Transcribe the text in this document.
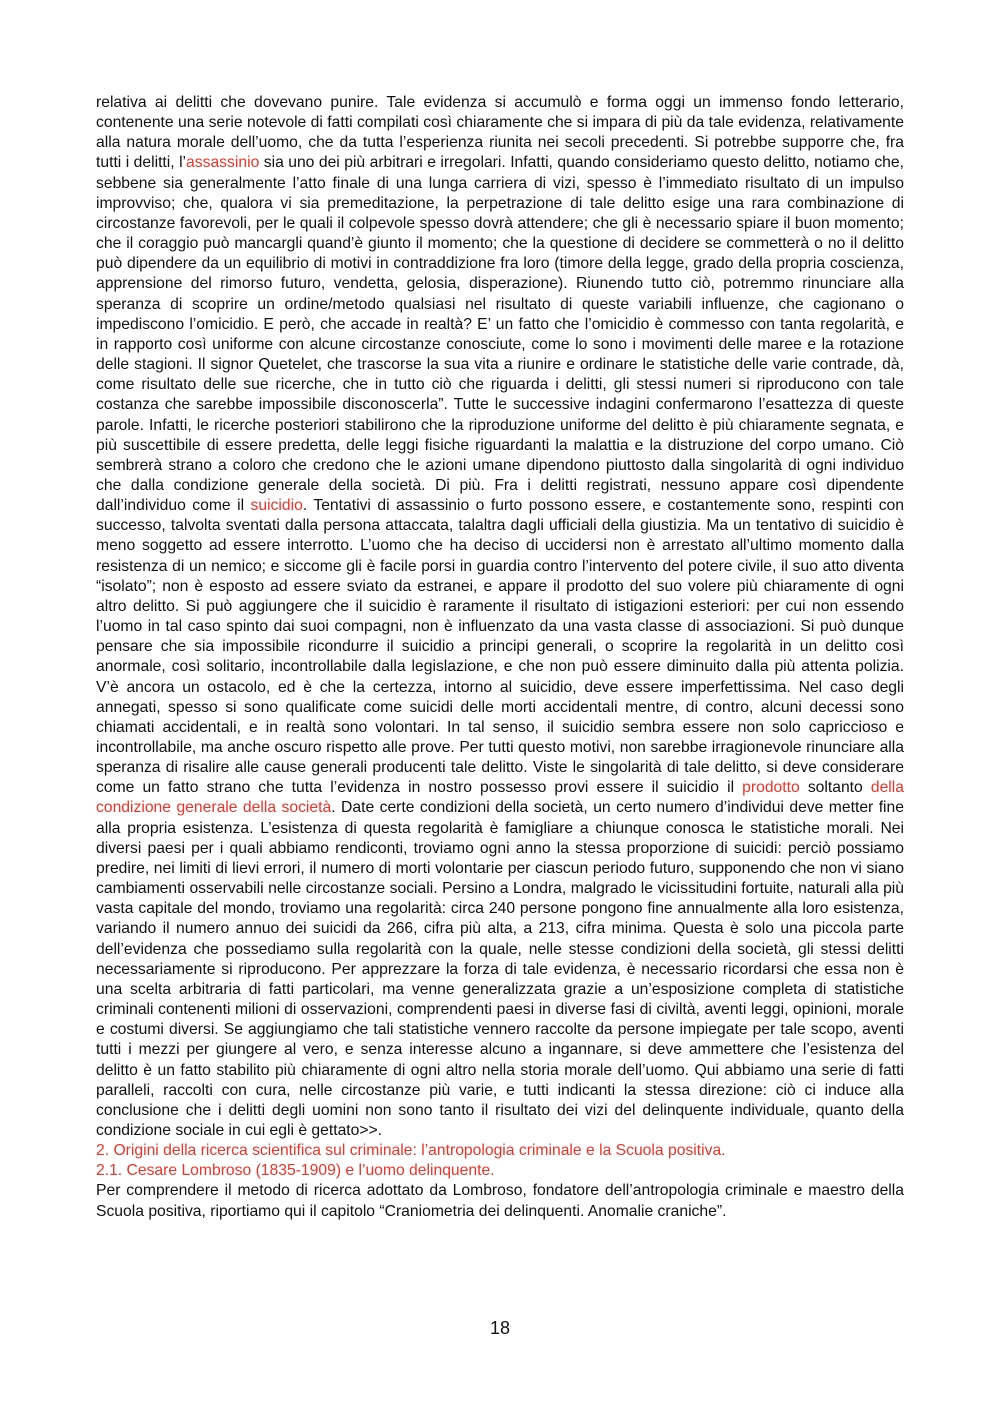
relativa ai delitti che dovevano punire. Tale evidenza si accumulò e forma oggi un immenso fondo letterario, contenente una serie notevole di fatti compilati così chiaramente che si impara di più da tale evidenza, relativamente alla natura morale dell’uomo, che da tutta l’esperienza riunita nei secoli precedenti. Si potrebbe supporre che, fra tutti i delitti, l’assassinio sia uno dei più arbitrari e irregolari. Infatti, quando consideriamo questo delitto, notiamo che, sebbene sia generalmente l’atto finale di una lunga carriera di vizi, spesso è l’immediato risultato di un impulso improvviso; che, qualora vi sia premeditazione, la perpetrazione di tale delitto esige una rara combinazione di circostanze favorevoli, per le quali il colpevole spesso dovrà attendere; che gli è necessario spiare il buon momento; che il coraggio può mancargli quand’è giunto il momento; che la questione di decidere se commetterà o no il delitto può dipendere da un equilibrio di motivi in contraddizione fra loro (timore della legge, grado della propria coscienza, apprensione del rimorso futuro, vendetta, gelosia, disperazione). Riunendo tutto ciò, potremmo rinunciare alla speranza di scoprire un ordine/metodo qualsiasi nel risultato di queste variabili influenze, che cagionano o impediscono l’omicidio. E però, che accade in realtà? E’ un fatto che l’omicidio è commesso con tanta regolarità, e in rapporto così uniforme con alcune circostanze conosciute, come lo sono i movimenti delle maree e la rotazione delle stagioni. Il signor Quetelet, che trascorse la sua vita a riunire e ordinare le statistiche delle varie contrade, dà, come risultato delle sue ricerche, che in tutto ciò che riguarda i delitti, gli stessi numeri si riproducono con tale costanza che sarebbe impossibile disconoscerla”. Tutte le successive indagini confermarono l’esattezza di queste parole. Infatti, le ricerche posteriori stabilirono che la riproduzione uniforme del delitto è più chiaramente segnata, e più suscettibile di essere predetta, delle leggi fisiche riguardanti la malattia e la distruzione del corpo umano. Ciò sembrerà strano a coloro che credono che le azioni umane dipendono piuttosto dalla singolarità di ogni individuo che dalla condizione generale della società. Di più. Fra i delitti registrati, nessuno appare così dipendente dall’individuo come il suicidio. Tentativi di assassinio o furto possono essere, e costantemente sono, respinti con successo, talvolta sventati dalla persona attaccata, talaltra dagli ufficiali della giustizia. Ma un tentativo di suicidio è meno soggetto ad essere interrotto. L’uomo che ha deciso di uccidersi non è arrestato all’ultimo momento dalla resistenza di un nemico; e siccome gli è facile porsi in guardia contro l’intervento del potere civile, il suo atto diventa “isolato”; non è esposto ad essere sviato da estranei, e appare il prodotto del suo volere più chiaramente di ogni altro delitto. Si può aggiungere che il suicidio è raramente il risultato di istigazioni esteriori: per cui non essendo l’uomo in tal caso spinto dai suoi compagni, non è influenzato da una vasta classe di associazioni. Si può dunque pensare che sia impossibile ricondurre il suicidio a principi generali, o scoprire la regolarità in un delitto così anormale, così solitario, incontrollabile dalla legislazione, e che non può essere diminuito dalla più attenta polizia. V’è ancora un ostacolo, ed è che la certezza, intorno al suicidio, deve essere imperfettissima. Nel caso degli annegati, spesso si sono qualificate come suicidi delle morti accidentali mentre, di contro, alcuni decessi sono chiamati accidentali, e in realtà sono volontari. In tal senso, il suicidio sembra essere non solo capriccioso e incontrollabile, ma anche oscuro rispetto alle prove. Per tutti questo motivi, non sarebbe irragionevole rinunciare alla speranza di risalire alle cause generali producenti tale delitto. Viste le singolarità di tale delitto, si deve considerare come un fatto strano che tutta l’evidenza in nostro possesso provi essere il suicidio il prodotto soltanto della condizione generale della società. Date certe condizioni della società, un certo numero d’individui deve metter fine alla propria esistenza. L’esistenza di questa regolarità è famigliare a chiunque conosca le statistiche morali. Nei diversi paesi per i quali abbiamo rendiconti, troviamo ogni anno la stessa proporzione di suicidi: perciò possiamo predire, nei limiti di lievi errori, il numero di morti volontarie per ciascun periodo futuro, supponendo che non vi siano cambiamenti osservabili nelle circostanze sociali. Persino a Londra, malgrado le vicissitudini fortuite, naturali alla più vasta capitale del mondo, troviamo una regolarità: circa 240 persone pongono fine annualmente alla loro esistenza, variando il numero annuo dei suicidi da 266, cifra più alta, a 213, cifra minima. Questa è solo una piccola parte dell’evidenza che possediamo sulla regolarità con la quale, nelle stesse condizioni della società, gli stessi delitti necessariamente si riproducono. Per apprezzare la forza di tale evidenza, è necessario ricordarsi che essa non è una scelta arbitraria di fatti particolari, ma venne generalizzata grazie a un’esposizione completa di statistiche criminali contenenti milioni di osservazioni, comprendenti paesi in diverse fasi di civiltà, aventi leggi, opinioni, morale e costumi diversi. Se aggiungiamo che tali statistiche vennero raccolte da persone impiegate per tale scopo, aventi tutti i mezzi per giungere al vero, e senza interesse alcuno a ingannare, si deve ammettere che l’esistenza del delitto è un fatto stabilito più chiaramente di ogni altro nella storia morale dell’uomo. Qui abbiamo una serie di fatti paralleli, raccolti con cura, nelle circostanze più varie, e tutti indicanti la stessa direzione: ciò ci induce alla conclusione che i delitti degli uomini non sono tanto il risultato dei vizi del delinquente individuale, quanto della condizione sociale in cui egli è gettato>>.

2. Origini della ricerca scientifica sul criminale: l’antropologia criminale e la Scuola positiva.

2.1. Cesare Lombroso (1835-1909) e l’uomo delinquente.

Per comprendere il metodo di ricerca adottato da Lombroso, fondatore dell’antropologia criminale e maestro della Scuola positiva, riportiamo qui il capitolo “Craniometria dei delinquenti. Anomalie craniche”.

18
